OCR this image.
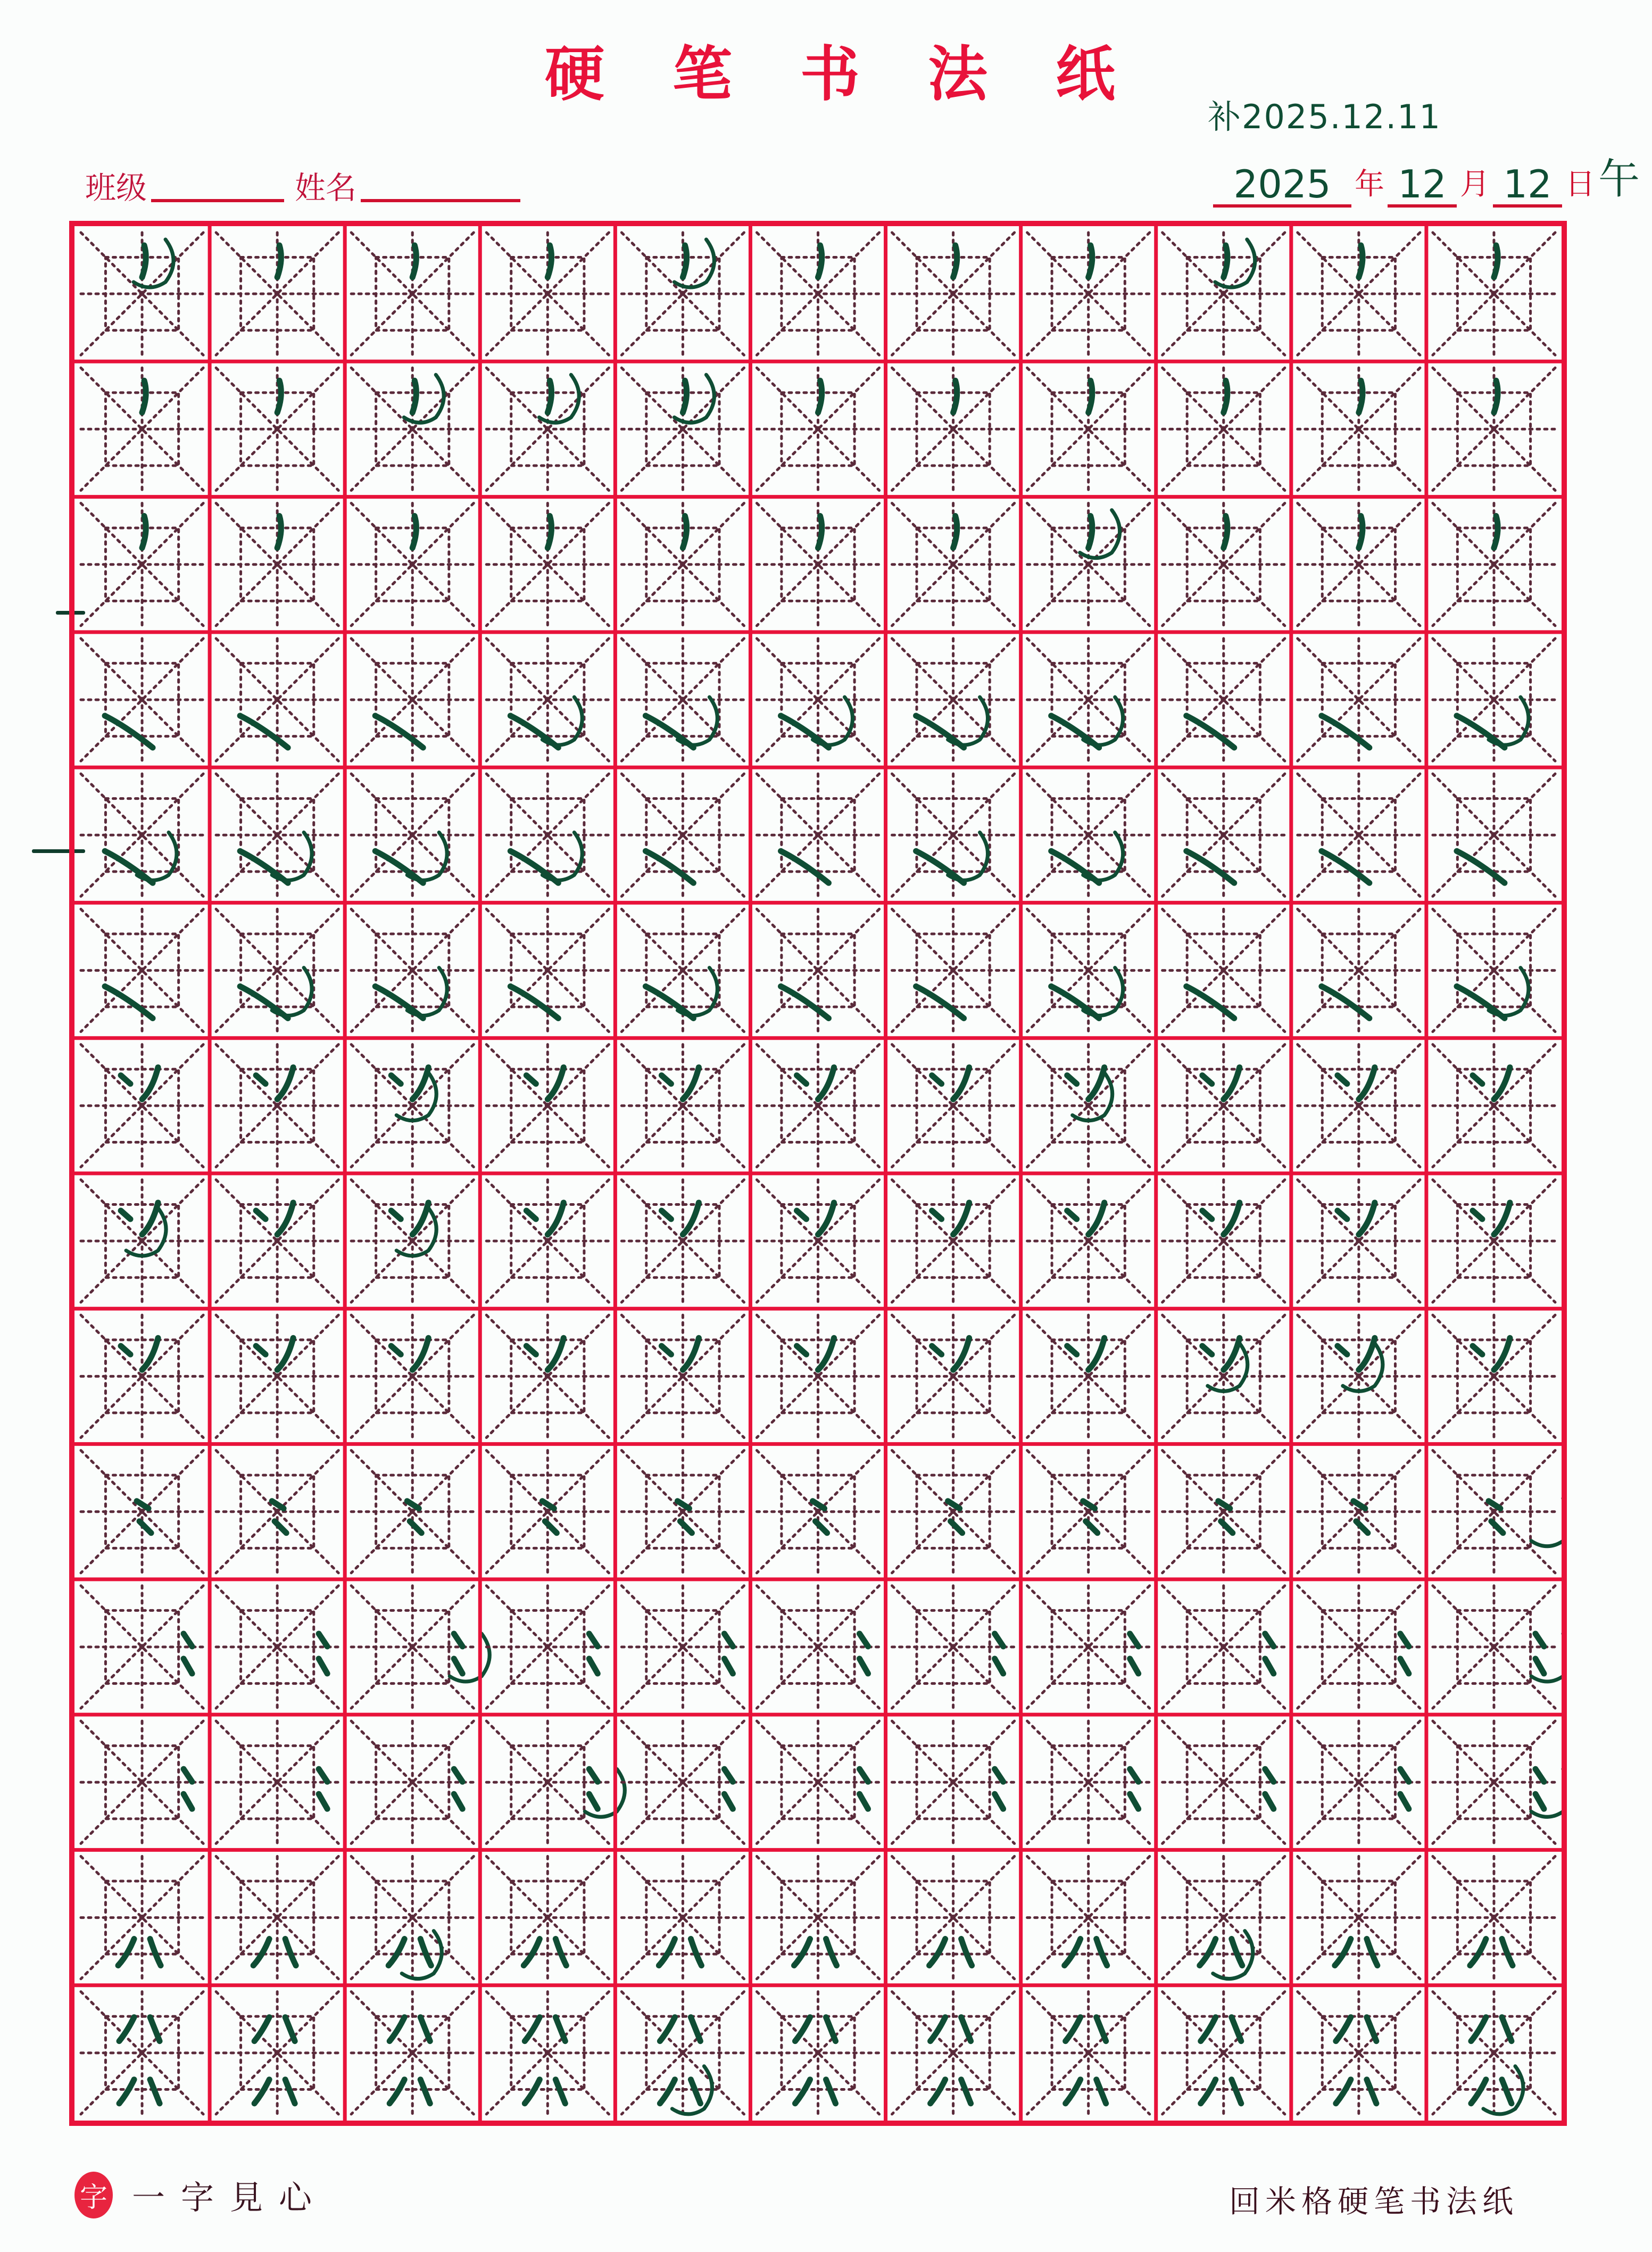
硬 笔 书 法 纸
补2025.12.11
班级	姓名	2025 年 12 月 12 日 午
字 一字見心	回米格硬笔书法纸
